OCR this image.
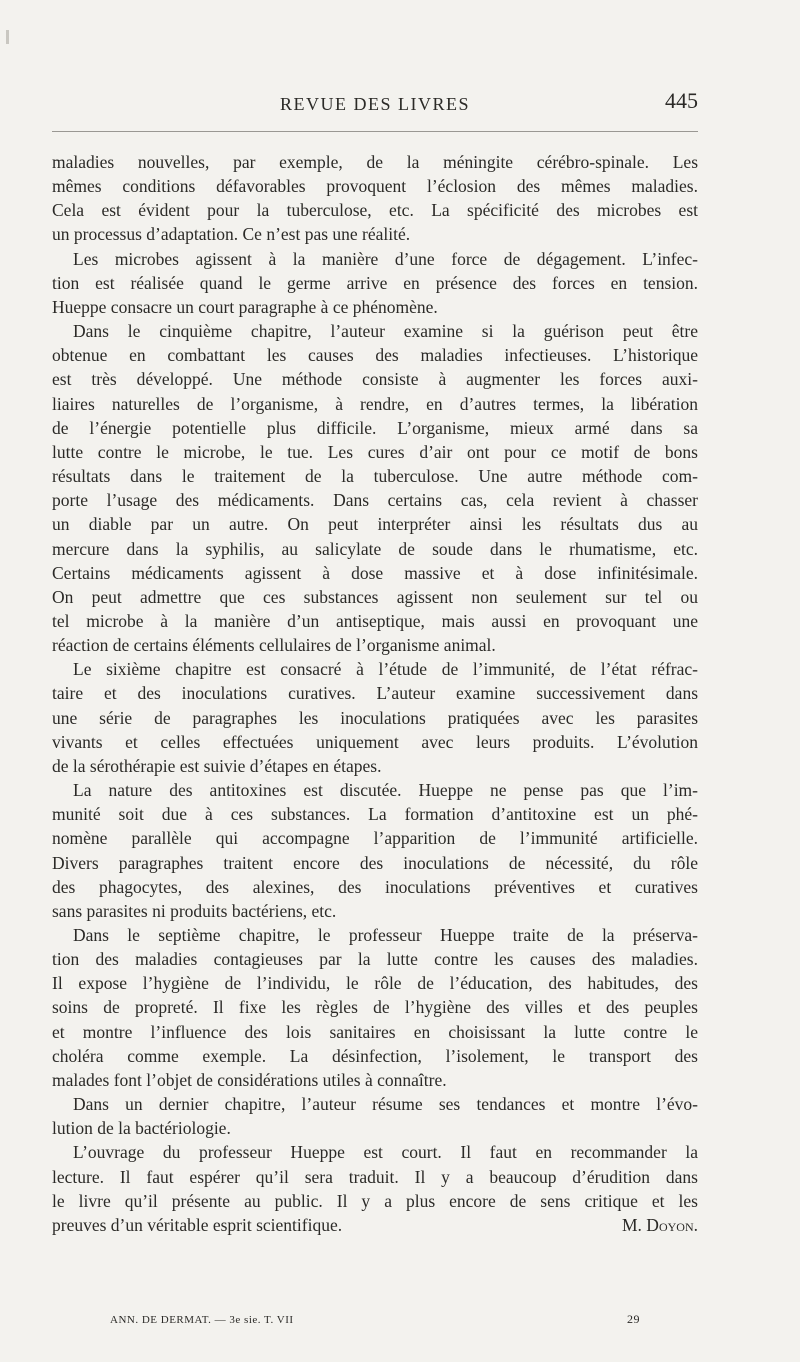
REVUE DES LIVRES	445
maladies nouvelles, par exemple, de la méningite cérébro-spinale. Les
mêmes conditions défavorables provoquent l’éclosion des mêmes maladies.
Cela est évident pour la tuberculose, etc. La spécificité des microbes est
un processus d’adaptation. Ce n’est pas une réalité.
Les microbes agissent à la manière d’une force de dégagement. L’infec-
tion est réalisée quand le germe arrive en présence des forces en tension.
Hueppe consacre un court paragraphe à ce phénomène.
Dans le cinquième chapitre, l’auteur examine si la guérison peut être
obtenue en combattant les causes des maladies infectieuses. L’historique
est très développé. Une méthode consiste à augmenter les forces auxi-
liaires naturelles de l’organisme, à rendre, en d’autres termes, la libération
de l’énergie potentielle plus difficile. L’organisme, mieux armé dans sa
lutte contre le microbe, le tue. Les cures d’air ont pour ce motif de bons
résultats dans le traitement de la tuberculose. Une autre méthode com-
porte l’usage des médicaments. Dans certains cas, cela revient à chasser
un diable par un autre. On peut interpréter ainsi les résultats dus au
mercure dans la syphilis, au salicylate de soude dans le rhumatisme, etc.
Certains médicaments agissent à dose massive et à dose infinitésimale.
On peut admettre que ces substances agissent non seulement sur tel ou
tel microbe à la manière d’un antiseptique, mais aussi en provoquant une
réaction de certains éléments cellulaires de l’organisme animal.
Le sixième chapitre est consacré à l’étude de l’immunité, de l’état réfrac-
taire et des inoculations curatives. L’auteur examine successivement dans
une série de paragraphes les inoculations pratiquées avec les parasites
vivants et celles effectuées uniquement avec leurs produits. L’évolution
de la sérothérapie est suivie d’étapes en étapes.
La nature des antitoxines est discutée. Hueppe ne pense pas que l’im-
munité soit due à ces substances. La formation d’antitoxine est un phé-
nomène parallèle qui accompagne l’apparition de l’immunité artificielle.
Divers paragraphes traitent encore des inoculations de nécessité, du rôle
des phagocytes, des alexines, des inoculations préventives et curatives
sans parasites ni produits bactériens, etc.
Dans le septième chapitre, le professeur Hueppe traite de la préserva-
tion des maladies contagieuses par la lutte contre les causes des maladies.
Il expose l’hygiène de l’individu, le rôle de l’éducation, des habitudes, des
soins de propreté. Il fixe les règles de l’hygiène des villes et des peuples
et montre l’influence des lois sanitaires en choisissant la lutte contre le
choléra comme exemple. La désinfection, l’isolement, le transport des
malades font l’objet de considérations utiles à connaître.
Dans un dernier chapitre, l’auteur résume ses tendances et montre l’évo-
lution de la bactériologie.
L’ouvrage du professeur Hueppe est court. Il faut en recommander la
lecture. Il faut espérer qu’il sera traduit. Il y a beaucoup d’érudition dans
le livre qu’il présente au public. Il y a plus encore de sens critique et les
preuves d’un véritable esprit scientifique.	M. Doyon.
ANN. DE DERMAT. — 3e sie. T. VII	29
